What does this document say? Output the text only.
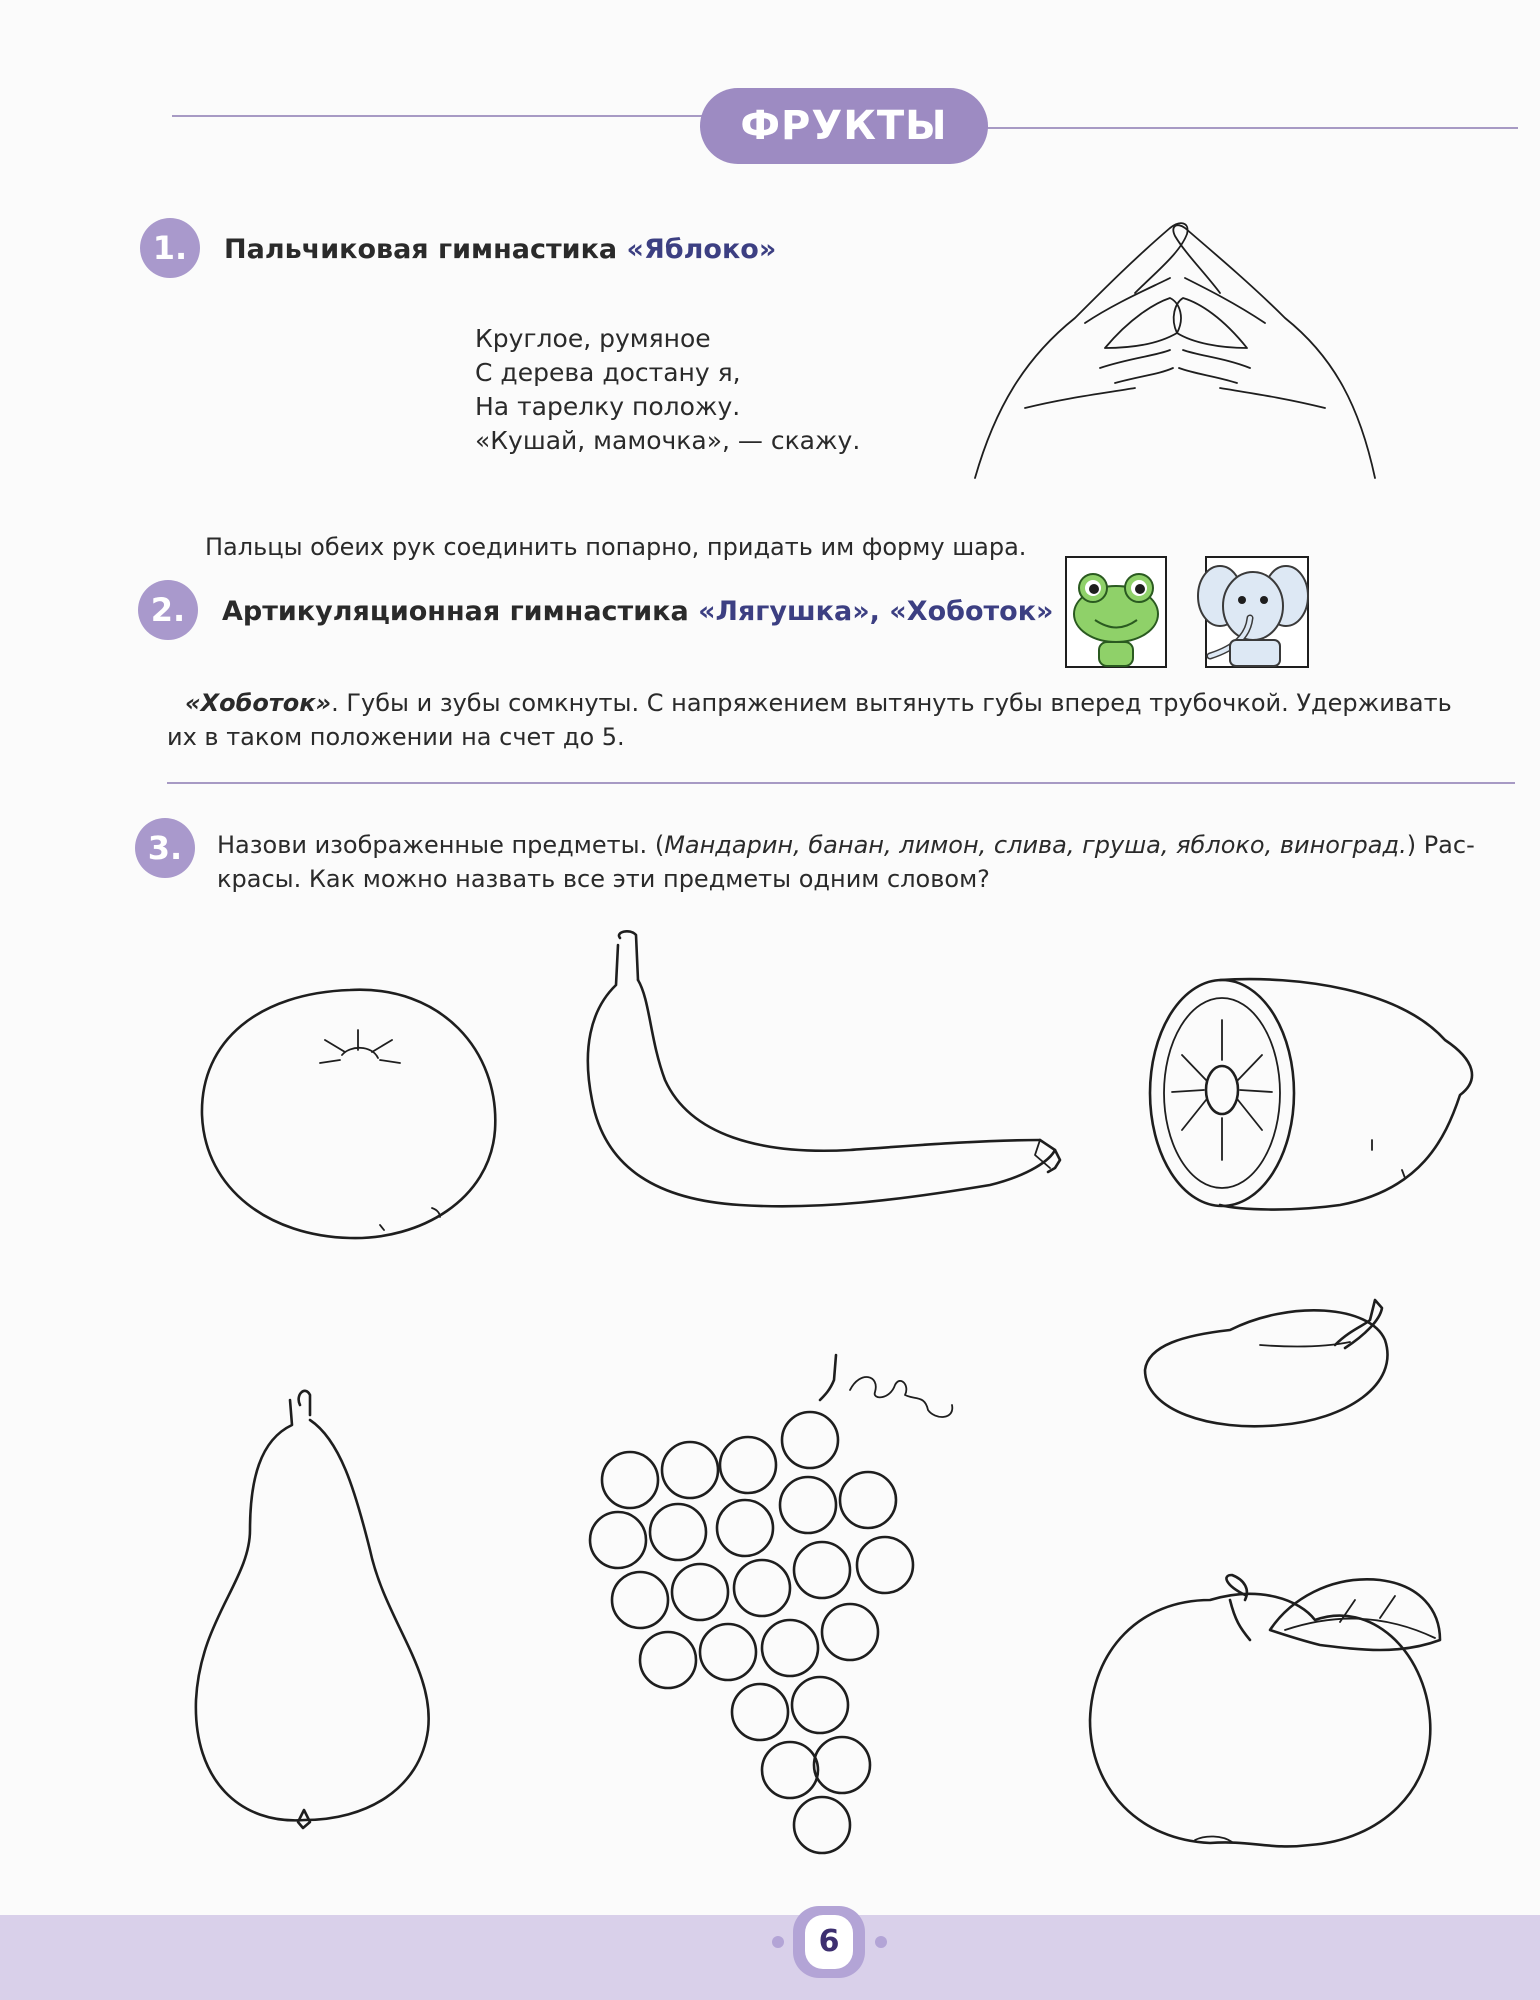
ФРУКТЫ
1.	Пальчиковая гимнастика «Яблоко»
Круглое, румяное
С дерева достану я,
На тарелку положу.
«Кушай, мамочка», — скажу.
Пальцы обеих рук соединить попарно, придать им форму шара.
2.	Артикуляционная гимнастика «Лягушка», «Хоботок»
«Хоботок». Губы и зубы сомкнуты. С напряжением вытянуть губы вперед трубочкой. Удерживать
их в таком положении на счет до 5.
3.	Назови изображенные предметы. (Мандарин, банан, лимон, слива, груша, яблоко, виноград.) Рас-
красы. Как можно назвать все эти предметы одним словом?
6
